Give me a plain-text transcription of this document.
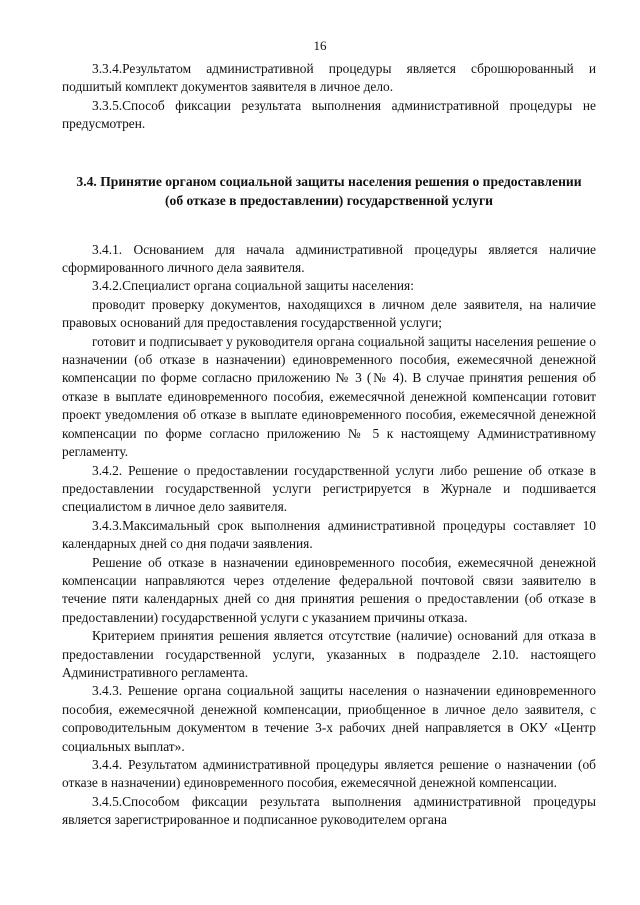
16

3.3.4.Результатом административной процедуры является сброшюрованный и подшитый комплект документов заявителя в личное дело.

3.3.5.Способ фиксации результата выполнения административной процедуры не предусмотрен.

3.4. Принятие органом социальной защиты населения решения о предоставлении (об отказе в предоставлении) государственной услуги

3.4.1. Основанием для начала административной процедуры является наличие сформированного личного дела заявителя.

3.4.2.Специалист органа социальной защиты населения:

проводит проверку документов, находящихся в личном деле заявителя, на наличие правовых оснований для предоставления государственной услуги;

готовит и подписывает у руководителя органа социальной защиты населения решение о назначении (об отказе в назначении) единовременного пособия, ежемесячной денежной компенсации по форме согласно приложению № 3 (№ 4). В случае принятия решения об отказе в выплате единовременного пособия, ежемесячной денежной компенсации готовит проект уведомления об отказе в выплате единовременного пособия, ежемесячной денежной компенсации по форме согласно приложению № 5 к настоящему Административному регламенту.

3.4.2. Решение о предоставлении государственной услуги либо решение об отказе в предоставлении государственной услуги регистрируется в Журнале и подшивается специалистом в личное дело заявителя.

3.4.3.Максимальный срок выполнения административной процедуры составляет 10 календарных дней со дня подачи заявления.

Решение об отказе в назначении единовременного пособия, ежемесячной денежной компенсации направляются через отделение федеральной почтовой связи заявителю в течение пяти календарных дней со дня принятия решения о предоставлении (об отказе в предоставлении) государственной услуги с указанием причины отказа.

Критерием принятия решения является отсутствие (наличие) оснований для отказа в предоставлении государственной услуги, указанных в подразделе 2.10. настоящего Административного регламента.

3.4.3. Решение органа социальной защиты населения о назначении единовременного пособия, ежемесячной денежной компенсации, приобщенное в личное дело заявителя, с сопроводительным документом в течение 3-х рабочих дней направляется в ОКУ «Центр социальных выплат».

3.4.4. Результатом административной процедуры является решение о назначении (об отказе в назначении) единовременного пособия, ежемесячной денежной компенсации.

3.4.5.Способом фиксации результата выполнения административной процедуры является зарегистрированное и подписанное руководителем органа
